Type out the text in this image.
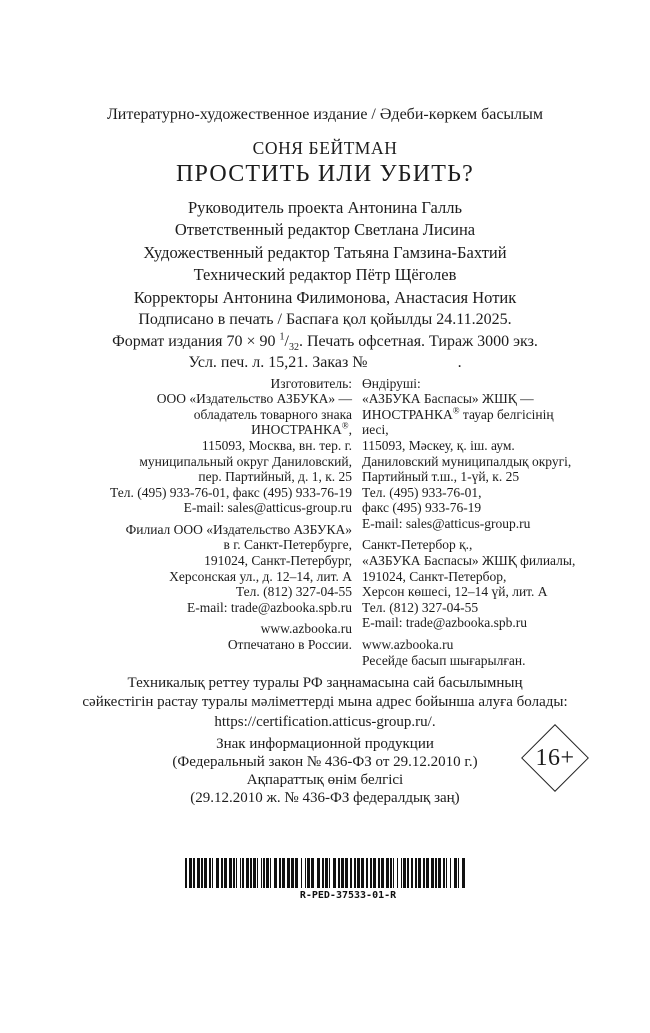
Литературно-художественное издание / Әдеби-көркем басылым
СОНЯ БЕЙТМАН
ПРОСТИТЬ ИЛИ УБИТЬ?
Руководитель проекта Антонина Галль
Ответственный редактор Светлана Лисина
Художественный редактор Татьяна Гамзина-Бахтий
Технический редактор Пётр Щёголев
Корректоры Антонина Филимонова, Анастасия Нотик
Подписано в печать / Баспаға қол қойылды 24.11.2025.
Формат издания 70 × 90 $^1/_{32}$. Печать офсетная. Тираж 3000 экз.
Усл. печ. л. 15,21. Заказ №	.
Изготовитель:
ООО «Издательство АЗБУКА» —
обладатель товарного знака
ИНОСТРАНКА®,
115093, Москва, вн. тер. г.
муниципальный округ Даниловский,
пер. Партийный, д. 1, к. 25
Тел. (495) 933-76-01, факс (495) 933-76-19
E-mail: sales@atticus-group.ru
Филиал ООО «Издательство АЗБУКА»
в г. Санкт-Петербурге,
191024, Санкт-Петербург,
Херсонская ул., д. 12–14, лит. А
Тел. (812) 327-04-55
E-mail: trade@azbooka.spb.ru
www.azbooka.ru
Отпечатано в России.
Өндіруші:
«АЗБУКА Баспасы» ЖШҚ —
ИНОСТРАНКА® тауар белгісінің иесі,
115093, Мәскеу, қ. іш. аум.
Даниловский муниципалдық округі,
Партийный т.ш., 1-үй, к. 25
Тел. (495) 933-76-01,
факс (495) 933-76-19
E-mail: sales@atticus-group.ru
Санкт-Петербор қ.,
«АЗБУКА Баспасы» ЖШҚ филиалы,
191024, Санкт-Петербор,
Херсон көшесі, 12–14 үй, лит. А
Тел. (812) 327-04-55
E-mail: trade@azbooka.spb.ru
www.azbooka.ru
Ресейде басып шығарылған.
Техникалық реттеу туралы РФ заңнамасына сай басылымның
сәйкестігін растау туралы мәліметтерді мына адрес бойынша алуға болады:
https://certification.atticus-group.ru/.
Знак информационной продукции
(Федеральный закон № 436-ФЗ от 29.12.2010 г.)
Ақпараттық өнім белгісі
(29.12.2010 ж. № 436-ФЗ федералдық заң)
16+
R-PED-37533-01-R
